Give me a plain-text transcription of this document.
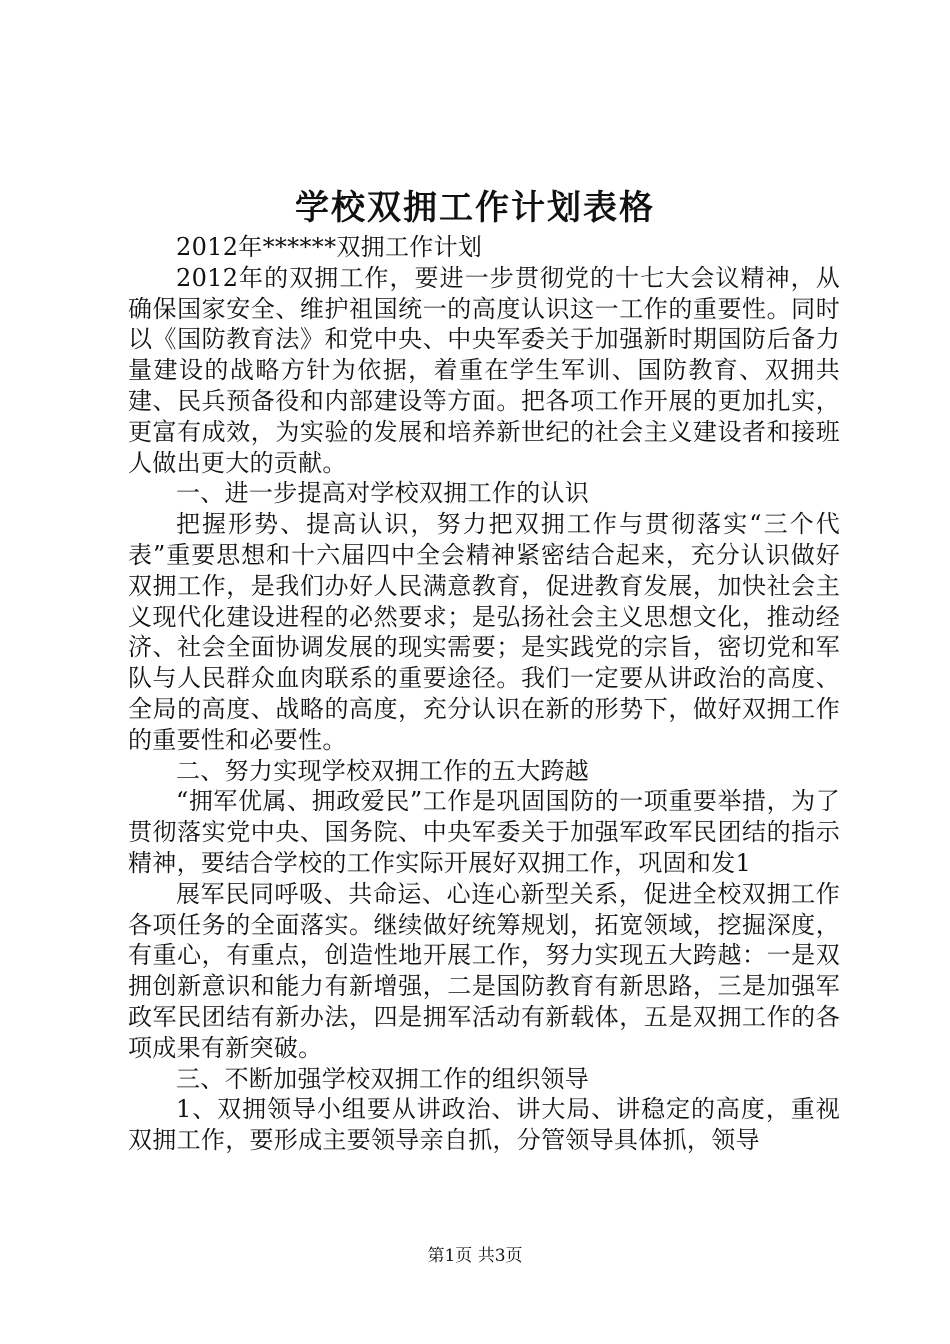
学校双拥工作计划表格

2012年******双拥工作计划

2012年的双拥工作，要进一步贯彻党的十七大会议精神，从确保国家安全、维护祖国统一的高度认识这一工作的重要性。同时以《国防教育法》和党中央、中央军委关于加强新时期国防后备力量建设的战略方针为依据，着重在学生军训、国防教育、双拥共建、民兵预备役和内部建设等方面。把各项工作开展的更加扎实，更富有成效，为实验的发展和培养新世纪的社会主义建设者和接班人做出更大的贡献。

一、进一步提高对学校双拥工作的认识

把握形势、提高认识，努力把双拥工作与贯彻落实“三个代表”重要思想和十六届四中全会精神紧密结合起来，充分认识做好双拥工作，是我们办好人民满意教育，促进教育发展，加快社会主义现代化建设进程的必然要求；是弘扬社会主义思想文化，推动经济、社会全面协调发展的现实需要；是实践党的宗旨，密切党和军队与人民群众血肉联系的重要途径。我们一定要从讲政治的高度、全局的高度、战略的高度，充分认识在新的形势下，做好双拥工作的重要性和必要性。

二、努力实现学校双拥工作的五大跨越

“拥军优属、拥政爱民”工作是巩固国防的一项重要举措，为了贯彻落实党中央、国务院、中央军委关于加强军政军民团结的指示精神，要结合学校的工作实际开展好双拥工作，巩固和发1

展军民同呼吸、共命运、心连心新型关系，促进全校双拥工作各项任务的全面落实。继续做好统筹规划，拓宽领域，挖掘深度，有重心，有重点，创造性地开展工作，努力实现五大跨越：一是双拥创新意识和能力有新增强，二是国防教育有新思路，三是加强军政军民团结有新办法，四是拥军活动有新载体，五是双拥工作的各项成果有新突破。

三、不断加强学校双拥工作的组织领导

1、双拥领导小组要从讲政治、讲大局、讲稳定的高度，重视双拥工作，要形成主要领导亲自抓，分管领导具体抓，领导

第1页 共3页
